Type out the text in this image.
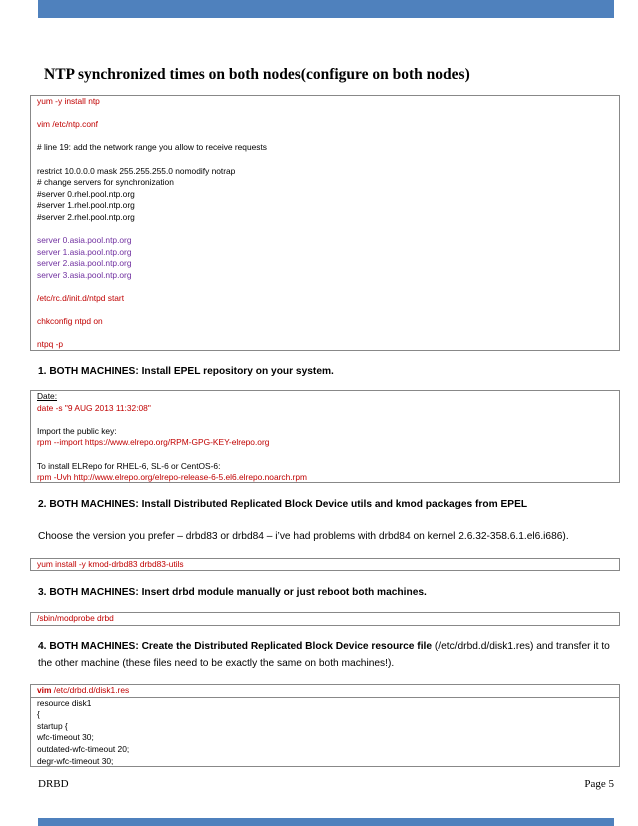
NTP synchronized times on both nodes(configure on both nodes)
yum -y install ntp
vim /etc/ntp.conf
# line 19: add the network range you allow to receive requests
restrict 10.0.0.0 mask 255.255.255.0 nomodify notrap
# change servers for synchronization
#server 0.rhel.pool.ntp.org
#server 1.rhel.pool.ntp.org
#server 2.rhel.pool.ntp.org
server 0.asia.pool.ntp.org
server 1.asia.pool.ntp.org
server 2.asia.pool.ntp.org
server 3.asia.pool.ntp.org
/etc/rc.d/init.d/ntpd start
chkconfig ntpd on
ntpq -p

1. BOTH MACHINES: Install EPEL repository on your system.

Date:
date -s "9 AUG 2013 11:32:08"
Import the public key:
rpm --import https://www.elrepo.org/RPM-GPG-KEY-elrepo.org
To install ELRepo for RHEL-6, SL-6 or CentOS-6:
rpm -Uvh http://www.elrepo.org/elrepo-release-6-5.el6.elrepo.noarch.rpm

2. BOTH MACHINES: Install Distributed Replicated Block Device utils and kmod packages from EPEL

Choose the version you prefer – drbd83 or drbd84 – i’ve had problems with drbd84 on kernel 2.6.32-358.6.1.el6.i686).

yum install -y kmod-drbd83 drbd83-utils

3. BOTH MACHINES: Insert drbd module manually or just reboot both machines.

/sbin/modprobe drbd

4. BOTH MACHINES: Create the Distributed Replicated Block Device resource file (/etc/drbd.d/disk1.res) and transfer it to the other machine (these files need to be exactly the same on both machines!).

vim /etc/drbd.d/disk1.res
resource disk1
{
startup {
wfc-timeout 30;
outdated-wfc-timeout 20;
degr-wfc-timeout 30;
DRBD	Page 5
